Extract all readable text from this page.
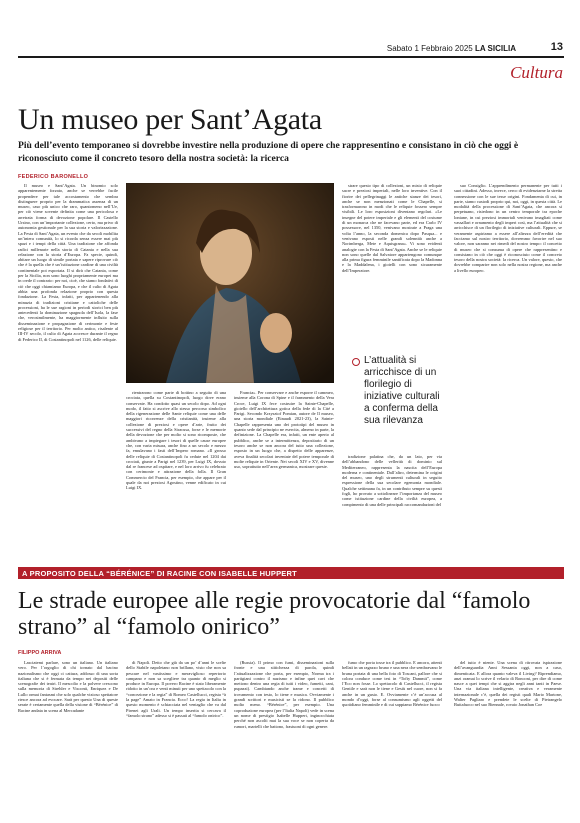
Sabato 1 Febbraio 2025 LA SICILIA	13
Cultura
Un museo per Sant’Agata

Più dell’evento temporaneo si dovrebbe investire nella produzione di opere che rappresentino e consistano in ciò che oggi è riconosciuto come il concreto tesoro della nostra società: la ricerca

FEDERICO BARONELLO

Il museo e Sant’Agata. Un binomio solo apparentemente forzato, anche se verrebbe facile propendere per tale accostamento che sembra distinguere proprio per la drammatica assenza di un museo, caso più unico che raro, quantomeno nell’Ue, per ciò viene sovente definita come una pericolosa e arretrata forma di devozione popolare. Il Castello Ursino, con un’importante collezione, certo, ma privo di autonomia gestionale per la sua storia e valorizzazione. La Festa di Sant’Agata, un evento che da secoli mobilita un’intera comunità, lo si ricorda senza essere mai più spazi e i tempi della città. Una tradizione che affonda radici millenarie nella storia di Catania e nella sua relazione con la storia d’Europa. Fa specie, quindi, abitare un luogo di simile portata e sapere riprovare ciò che è la quella che è un’istituzione cardine di una civiltà continentale poi esportata. Il si dirà che Catania, come per la Sicilia, non sono luoghi propriamente europei ma in crede il contrario: per noi, cioè, che siamo fondativi di ciò che oggi chiamiamo Europa, e che il culto di Agata abbia una profonda relazione proprio con questa fondazione. La Festa, infatti, per appartenendo alla minuzia di tradizioni cristiane e cattoliche delle processioni, ha le sue ragioni in periodi storici ben più antecedenti la dominazione spagnola dell’Isola, la fase che, verosimilmente, ha maggiormente influito sulla disseminazione e propagazione di cerimonie e feste religiose per il territorio. Per molto antico, risalente al III-IV secolo, il culto di Agata accresce durante il regno di Federico II, di Costantinopoli nel 1126, delle reliquie.

rientrarono come parte di bottino a seguito di una crociata, quella su Costantinopoli, luogo dove erano conservate. Ha condotto quasi un secolo dopo. Ad ogni modo, il fatto si ascrive allo stesso percorso simbolico della rigenerazione delle Sante reliquie come una delle maggiori ricorrenze della cristianità, insieme alla collezione di preziosi e opere d’arte, frutto dei successivi del regno della Siracusa, forse e le memorie della devozione che per molto si sono ricomposte, che ambivano a impiegare i tesori di quelle cause europee che, con varia misura, anche fino a un secolo e mezzo fa, emulavano i fasti dell’Impero romano. «Il grosso delle reliquie di Costantinopoli fu cedute nel 1204 dai crociati, giunte a Parigi nel 1239, per Luigi IX, dovuto dal re francese ad ospitare, e nel loro arrivo fu celebrato con cerimonie e attrazione della folla. Il Gran Commercio del Francia, per esempio, che appare per il quale da noi preziosi Agostino, venne edificato in cui Luigi IX.

Francia». Per conservare e anche esporre il cammeo, insieme alla Corona di Spine e il frammento della Vera Croce, Luigi IX fece costruire la Sainte-Chapelle, gioiello dell’architettura gotica della fede di la Cité a Parigi. Secondo Krzysztof Pomian, autore de Il museo, una storia mondiale (Einaudi 2021-23), la Sainte-Chapelle rappresenta uno dei prototipi del museo in quanto sede dal principio ne esercita, almeno in parte, la definizione. La Chapelle era, infatti, un ente aperto al pubblico, anche se a intermittenza, depositario di un tesoro anche se non ancora del tutto una collezione, esposto in un luogo che, a dispetto delle apparenze, aveva finalità secolari inventate del potere temporale di molte reliquie in Oriente. Nei secoli XIV e XV, divenne uso, soprattutto nell’area germanica, mostrare queste.

strare questo tipo di collezioni, un misto di reliquie sacre e preziosi imperiali, nelle loro inventive. Con il fiorire dei pellegrinaggi le antiche stanze dei tesori, anche se non menzionati come le Chapelle, si trasformarono in modi che le reliquie fossero sempre visibili. Le loro esposizioni diventano regolari. «Le insegne del potere imperiale e gli elementi del costume di un monarca che ne facevano parte, ed era Carlo IV possessore, nel 1350, venivano mostrate a Praga una volta l’anno, la seconda domenica dopo Pasqua... e venivano esposti nelle grandi solennità anche a Norimberga, Mete e Aquisgrana». Vi sono evidenti analogie con la Festa di Sant’Agata. Anche se le reliquie non sono quelle dal Salvatore appartengono comunque alla prima figura femminile santificata dopo la Madonna e la Maddalena, i gioielli con sono sicuramente dell’Imperatore.

L’attualità si arricchisce di un florilegio di iniziative culturali a conferma della sua rilevanza

tradizione palatina che, da un lato, per via dell’abbandono delle vellerità di dominio sul Mediterraneo, rappresenta la nascita dell’Europa moderna e continentale. Dall’altro, determina le origini del museo, uno degli strumenti culturali in seguito espressione della sua secolare egemonia mondiale. Qualche settimana fa, in un contributo sempre su questi fogli, ho provato a sottolineare l’importanza del museo come istituzione cardine della civiltà europea, a compimento di una delle principali raccomandazioni del

suo Consiglio. L’apprendimento permanente per tutti i suoi cittadini. Adesso, invece, cerco di evidenziarne la stretta connessione con le sue tesse origini. Fondamenta di cui, in parte, siamo custodi proprio qui, noi, oggi, in questa città. Le modalità della processione di Sant’Agata, che ancora si perpetuano, risiedono in un centro temporale tra epoche lontane, in cui preziosi immortali venivano imagliati come vassallari e ornamento degli imperi così, ma l’attualità che si arricchisce di un florilegio di iniziative culturali. Eppure, se veramente aspiriamo a essere all’altezza dell’eredità che facciamo sul nostro territorio, dovremmo favorire nel suo valore, non saranno nei rimedi del nostro tempo: il concetto di museo che si consuma di opere che rappresentino e consistano in ciò che oggi è riconosciuto come il concreto tesoro della nostra società: la ricerca. Un valore, questo, che dovrebbe comparire non solo nella nostra regione, ma anche a livello europeo.

A PROPOSITO DELLA “BÉRÉNICE” DI RACINE CON ISABELLE HUPPERT
Le strade europee alle regie provocatorie dal “famolo strano” al “famolo onirico”
FILIPPO ARRIVA

Lasciatemi parlare, sono un italiano. Un italiano vero. Per l’orgoglio di chi tornato dal bacino nazionalismo che oggi ci cattura, addosso di una sorta italiana che si è fermata da tempo nei depositi delle scenografie dei teatri. Il mescolio e la polvere crescono sulla memoria di Strehler e Visconti, Enriquez e De Lullo ormai fantasmi che solo qualche vizioso spettatore riesce ancora ad evocare. Sarà per questo Una di queste serate è certamente quella della visione di “Bérénice” di Racine andata in scena al Mercadante

di Napoli. Detto che già da un po’ d’anni le scelte dello Stabile napoletano non brillano, visto che non sa pescare nel vastissimo e meraviglioso repertorio campano e non sa scegliere tra quanto di meglio si produce in Europa. Il povero Racine è stato liberamente ridotto in un’ora e venti minuti per uno spettacolo con la “concezione e la regia” di Romeo Castellucci, regista “à la page” Amato in Francia. Ecco! La regia in Italia in questo momento è schiacciata nel ventaglio che va dal Pirenei agli Urali. Un tempo inserita si cercava il “famolo strano” adesso si è passati al “famolo onirico”.

(Russia). Il primo con fumi, disseminazioni sulla fronte e una stitichezza di parola, quindi l’attualizzazione che porta, per esempio, Norma tra i partigiani contro il nazismo e infine quei cavi che mettono dentro una regia di tutti i video, fumetti, cani, pupazzi). Cambiando anche trame e concetti di trovamento con testo, lo tiene e musica. Ovviamente i grandi scrittori e musicisti se la ridono. Il pubblico molto meno. “Bérénice”, per esempio. Una coproduzione europea (per l’Italia Napoli) vede in scena un nome di prestigio Isabelle Huppert, inginocchiata perché non ascolti mai la sua voce se non coperta da rumori, martelli che battono, frastuoni di ogni genere.

fumo che porta tosse tra il pubblico. E ancora, attenti bellati in un ragazzo bruno e una nera che sembravano le bruna portata di una bella foto di Toscani, pallore che si colora conduce come tesi in “Tofty Dammit”, come l’Eco non fosse. Lo spettacolo di Castellucci, il regista Gentile e sarà non le tiene e Gesiù nel cuore, non si fa anche in un gusto. E. Ovviamente c’è un’accusa al mondo d’oggi, forse al consumismo agli oggetti del quotidiano femminile e di cui sappiamo Bérénice fuoco

del tutto è niente. Una scena di ritrovata ispirazione dell’avanguardia Anni Sessanta oggi, non a caso, dimenticata. E allora quanto valeva il Living? Riprendiamo, anzi oramai lo scrive il velario di Ronconi, per dire di come nasce a quei tempi che si aggira negli anni tanti in Paese. Una via italiana intelligente, creativa e veramente internazionale c’è, quella dei registi quali Mario Martone, Walter Pagliaro e prendete le scelte di Pietrangelo Buttafuoco nel suo Biennale, rovaio Jonathan Coe
